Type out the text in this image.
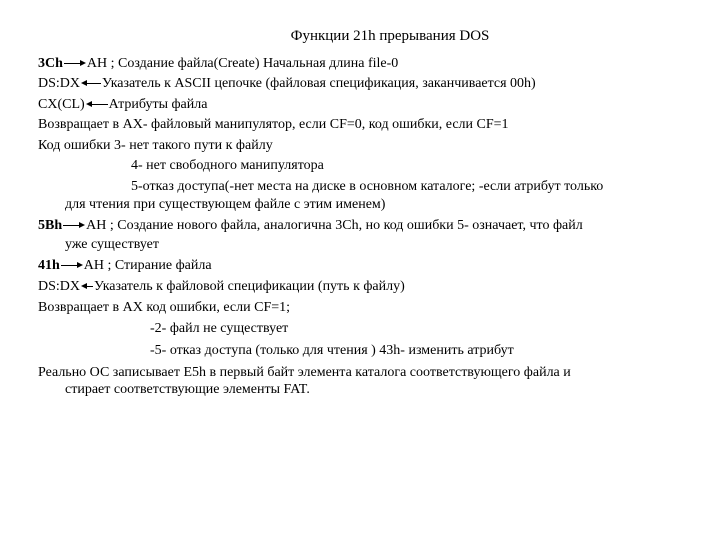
Функции 21h прерывания DOS
3Ch AH ; Создание файла(Create) Начальная длина file-0
DS:DX Указатель к ASCII цепочке (файловая спецификация, заканчивается 00h)
CX(CL) Атрибуты файла
Возвращает в AX- файловый манипулятор, если CF=0, код ошибки, если CF=1
Код ошибки 3- нет такого пути к файлу
4- нет свободного манипулятора
5-отказ доступа(-нет места на диске в основном каталоге; -если атрибут только
для чтения при существующем файле с этим именем)
5Bh AH ; Создание нового файла, аналогична 3Ch, но код ошибки 5- означает, что файл
уже существует
41h AH ; Стирание файла
DS:DX Указатель к файловой спецификации (путь к файлу)
Возвращает в AX код ошибки, если CF=1;
-2- файл не существует
-5- отказ доступа (только для чтения ) 43h- изменить атрибут
Реально ОС записывает E5h в первый байт элемента каталога соответствующего файла и
стирает соответствующие элементы FAT.
